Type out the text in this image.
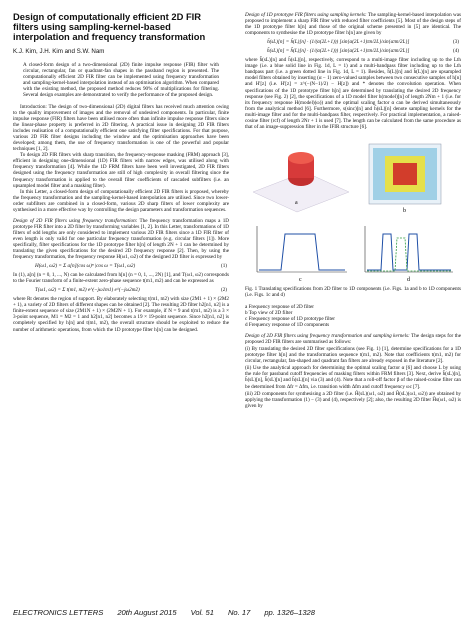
Design of computationally efficient 2D FIR filters using sampling-kernel-based interpolation and frequency transformation
K.J. Kim, J.H. Kim and S.W. Nam
A closed-form design of a two-dimensional (2D) finite impulse response (FIR) filter with circular, rectangular, fan or quadrant-fan shapes in the passband region is presented. The computationally efficient 2D FIR filter can be implemented using frequency transformation and sampling-kernel-based interpolation instead of an optimisation algorithm. When compared with the existing method, the proposed method reduces 90% of multiplications for filtering. Several design examples are demonstrated to verify the performance of the proposed design.

Introduction: The design of two-dimensional (2D) digital filters has received much attention owing to the quality improvement of images and the removal of undesired components. In particular, finite impulse response (FIR) filters have been utilised more often than infinite impulse response filters since the linear-phase property is preferred in 2D filtering. A practical issue in designing 2D FIR filters includes realisation of a computationally efficient one satisfying filter specifications. For that purpose, various 2D FIR filter designs including the window and the optimisation approaches have been developed; among them, the use of frequency transformation is one of the powerful and popular techniques [1, 2].

To design 2D FIR filters with sharp transition, the frequency-response masking (FRM) approach [3], efficient in designing one-dimensional (1D) FIR filters with narrow edges, was utilised along with frequency transformation [4]. While the 1D FRM filters have been well investigated, 2D FIR filters designed using the frequency transformation are still of high complexity in overall filtering since the frequency transformation is applied to the overall filter coefficients of cascaded subfilters (i.e. an upsampled model filter and a masking filter).

In this Letter, a closed-form design of computationally efficient 2D FIR filters is proposed, whereby the frequency transformation and the sampling-kernel-based interpolation are utilised. Since two lower-order subfilters are combined in a closed-form, various 2D sharp filters of lower complexity are synthesised in a more effective way by controlling the design parameters and transformation sequences.

Design of 2D FIR filters using frequency transformation: The frequency transformation maps a 1D prototype FIR filter into a 2D filter by transforming variables [1, 2]. In this Letter, transformations of 1D filters of odd lengths are only considered to implement various 2D FIR filters since a 1D FIR filter of even length is only valid for one particular frequency transformation (e.g. circular filters [1]). More specifically, filter specifications for the 1D prototype filter h[n] of length 2N + 1 can be determined by translating the given specifications for the desired 2D frequency response [2]. Then, by using the frequency transformation, the frequency response H(ω1, ω2) of the designed 2D filter is expressed by

H(ω1, ω2) = Σ a[n](cos ω)ⁿ |cos ω = T(ω1, ω2)	(1)

In (1), a[n] (n = 0, 1, ..., N) can be calculated from h[n] (n = 0, 1, ..., 2N) [1], and T(ω1, ω2) corresponds to the Fourier transform of a finite-extent zero-phase sequence t(m1, m2) and can be expressed as

T(ω1, ω2) = Σ t(m1, m2) e^(−jω1m1) e^(−jω2m2)	(2)

where Rt denotes the region of support. By elaborately selecting t(m1, m2) with size (2M1 + 1) × (2M2 + 1), a variety of 2D filters of different shapes can be obtained [2]. The resulting 2D filter h2[n1, n2] is a finite-extent sequence of size (2M1N + 1) × (2M2N + 1). For example, if N = 9 and t(m1, m2) is a 3 × 3-point sequence, M1 = M2 = 1 and h2[n1, n2] becomes a 19 × 19-point sequence. Since h2[n1, n2] is completely specified by h[n] and t(m1, m2), the overall structure should be exploited to reduce the number of arithmetic operations, from which the 1D prototype filter h[n] can be designed.

Design of 1D prototype FIR filters using sampling kernels: The sampling-kernel-based interpolation was proposed to implement a sharp FIR filter with reduced filter coefficients [5]. Most of the design steps of the 1D prototype filter h[n] and those of the original scheme presented in [5] are identical. The components to synthesise the 1D prototype filter h[n] are given by

ĥ(sL)[n] = ĥ(L)[n] · (1/(α(2L+1))) [sin{α(2L+1)πn/2L}/sin{απn/2L}]	(3)
h̃(sL)[n] = h̃(L)[n] · (1/(α(2L+1))) [sin{α(2L+1)πn/2L}/sin{απn/2L}]	(4)

where ĥ(sL)[n] and h̃(sL)[n], respectively, correspond to a multi-image filter including up to the Lth image (i.e. a blue solid line in Fig. 1d, L = 1) and a multi-bandpass filter including up to the Lth bandpass part (i.e. a green dotted line in Fig. 1d, L = 1). Besides, ĥ(L)[n] and h̃(L)[n] are upsampled model filters obtained by inserting (α − 1) zero-valued samples between two consecutive samples of h[n] and H'[z] (i.e. H'[z] = z^(−(N−1)/2) − H[z]) and * denotes the convolution operation. When specifications of the 1D prototype filter h[n] are determined by translating the desired 2D frequency response (see Fig. 2) [2], the specifications of a 1D model filter h(model)[n] of length 2Nm + 1 (i.e. for its frequency response H(model)(ω)) and the optimal scaling factor α can be derived simultaneously from the analytical method [6]. Furthermore, s(sinc)[n] and h̃(sL)[n] denote sampling kernels for the multi-image filter and for the multi-bandpass filter, respectively. For practical implementation, a raised-cosine filter (rcf) of length 2Nr + 1 is used [7]. The length can be calculated from the same procedure as that of an image-suppression filter in the IFIR structure [6].

a
b
c	d

Fig. 1 Translating specifications from 2D filter to 1D components (i.e. Figs. 1a and b to 1D components (i.e. Figs. 1c and d)

a Frequency response of 2D filter

b Top view of 2D filter

c Frequency response of 1D prototype filter

d Frequency response of 1D components

Design of 2D FIR filters using frequency transformation and sampling kernels: The design steps for the proposed 2D FIR filters are summarised as follows:

(i) By translating the desired 2D filter specifications (see Fig. 1) [1], determine specifications for a 1D prototype filter h[n] and the transformation sequence t(m1, m2). Note that coefficients t(m1, m2) for circular, rectangular, fan-shaped and quadrant fan filters are already exposed in the literature [2].

(ii) Use the analytical approach for determining the optimal scaling factor α [6] and choose L by using the rule for passband cutoff frequencies of masking filters within FRM filters [3]. Next, derive ĥ(sL)[n], h̃(sL)[n], ĥ(sL)[n] and h̃(sL)[n] via (3) and (4). Note that a roll-off factor β of the raised-cosine filter can be determined from Δfr = Δfm, i.e. transition width Δfm and cutoff frequency ωc [7].

(iii) 2D components for synthesising a 2D filter (i.e. Ĥ(sL)(ω1, ω2) and H̃(sL)(ω1, ω2)) are obtained by applying the transformation (1) − (3) and (4), respectively [2]; also, the resulting 2D filter Ĥs(ω1, ω2) is given by

ELECTRONICS LETTERS 20th August 2015 Vol. 51 No. 17 pp. 1326–1328
